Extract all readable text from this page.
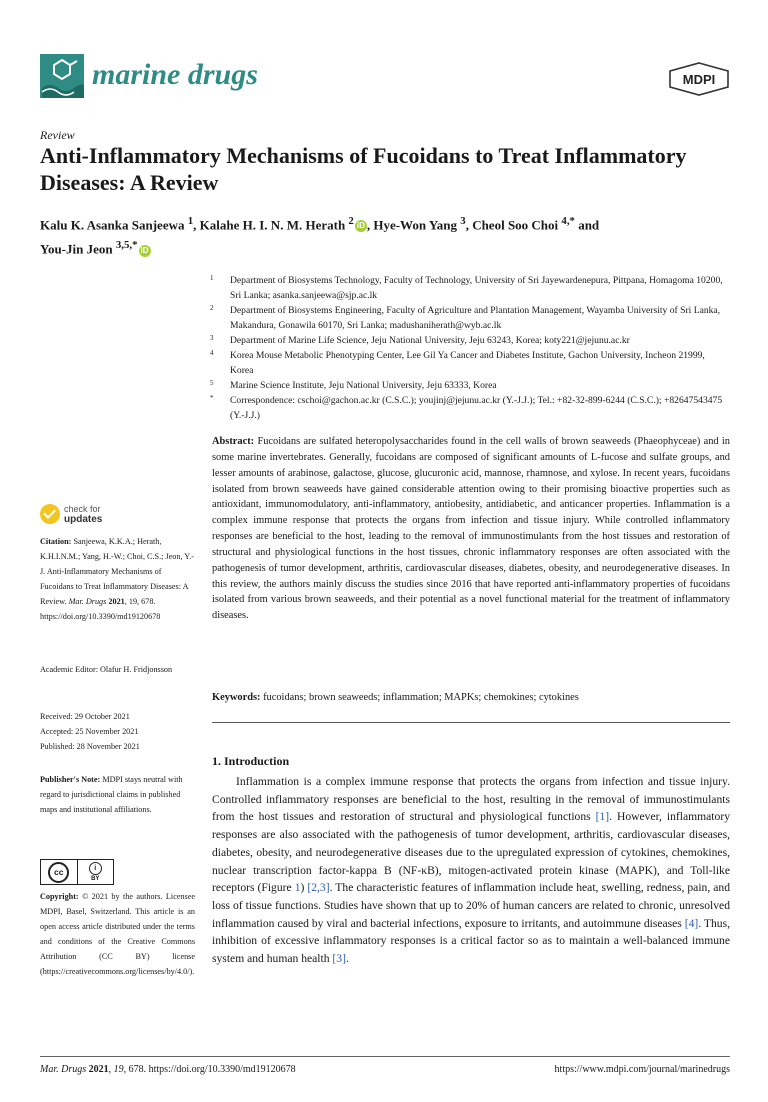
marine drugs	MDPI
Review
Anti-Inflammatory Mechanisms of Fucoidans to Treat Inflammatory Diseases: A Review
Kalu K. Asanka Sanjeewa $^1$, Kalahe H. I. N. M. Herath $^2$ iD , Hye-Won Yang $^3$, Cheol Soo Choi $^{4,*}$ and
You-Jin Jeon $^{3,5,*}$ iD
1 Department of Biosystems Technology, Faculty of Technology, University of Sri Jayewardenepura, Pittpana, Homagoma 10200, Sri Lanka; asanka.sanjeewa@sjp.ac.lk
2 Department of Biosystems Engineering, Faculty of Agriculture and Plantation Management, Wayamba University of Sri Lanka, Makandura, Gonawila 60170, Sri Lanka; madushaniherath@wyb.ac.lk
3 Department of Marine Life Science, Jeju National University, Jeju 63243, Korea; koty221@jejunu.ac.kr
4 Korea Mouse Metabolic Phenotyping Center, Lee Gil Ya Cancer and Diabetes Institute, Gachon University, Incheon 21999, Korea
5 Marine Science Institute, Jeju National University, Jeju 63333, Korea
* Correspondence: cschoi@gachon.ac.kr (C.S.C.); youjinj@jejunu.ac.kr (Y.-J.J.); Tel.: +82-32-899-6244 (C.S.C.); +82647543475 (Y.-J.J.)
Abstract: Fucoidans are sulfated heteropolysaccharides found in the cell walls of brown seaweeds (Phaeophyceae) and in some marine invertebrates. Generally, fucoidans are composed of significant amounts of L-fucose and sulfate groups, and lesser amounts of arabinose, galactose, glucose, glucuronic acid, mannose, rhamnose, and xylose. In recent years, fucoidans isolated from brown seaweeds have gained considerable attention owing to their promising bioactive properties such as antioxidant, immunomodulatory, anti-inflammatory, antiobesity, antidiabetic, and anticancer properties. Inflammation is a complex immune response that protects the organs from infection and tissue injury. While controlled inflammatory responses are beneficial to the host, leading to the removal of immunostimulants from the host tissues and restoration of structural and physiological functions in the host tissues, chronic inflammatory responses are often associated with the pathogenesis of tumor development, arthritis, cardiovascular diseases, diabetes, obesity, and neurodegenerative diseases. In this review, the authors mainly discuss the studies since 2016 that have reported anti-inflammatory properties of fucoidans isolated from various brown seaweeds, and their potential as a novel functional material for the treatment of inflammatory diseases.
Keywords: fucoidans; brown seaweeds; inflammation; MAPKs; chemokines; cytokines
1. Introduction
Inflammation is a complex immune response that protects the organs from infection and tissue injury. Controlled inflammatory responses are beneficial to the host, resulting in the removal of immunostimulants from the host tissues and restoration of structural and physiological functions [1]. However, inflammatory responses are also associated with the pathogenesis of tumor development, arthritis, cardiovascular diseases, diabetes, obesity, and neurodegenerative diseases due to the upregulated expression of cytokines, chemokines, nuclear transcription factor-kappa B (NF-κB), mitogen-activated protein kinase (MAPK), and Toll-like receptors (Figure 1) [2,3]. The characteristic features of inflammation include heat, swelling, redness, pain, and loss of tissue functions. Studies have shown that up to 20% of human cancers are related to chronic, unresolved inflammation caused by viral and bacterial infections, exposure to irritants, and autoimmune diseases [4]. Thus, inhibition of excessive inflammatory responses is a critical factor so as to maintain a well-balanced immune system and human health [3].
check for
updates
Citation: Sanjeewa, K.K.A.; Herath, K.H.I.N.M.; Yang, H.-W.; Choi, C.S.; Jeon, Y.-J. Anti-Inflammatory Mechanisms of Fucoidans to Treat Inflammatory Diseases: A Review. Mar. Drugs 2021, 19, 678. https://doi.org/10.3390/md19120678
Academic Editor: Olafur H. Fridjonsson
Received: 29 October 2021
Accepted: 25 November 2021
Published: 28 November 2021
Publisher's Note: MDPI stays neutral with regard to jurisdictional claims in published maps and institutional affiliations.
cc	i
BY
Copyright: © 2021 by the authors. Licensee MDPI, Basel, Switzerland. This article is an open access article distributed under the terms and conditions of the Creative Commons Attribution (CC BY) license (https://creativecommons.org/licenses/by/4.0/).
Mar. Drugs 2021, 19, 678. https://doi.org/10.3390/md19120678	https://www.mdpi.com/journal/marinedrugs
